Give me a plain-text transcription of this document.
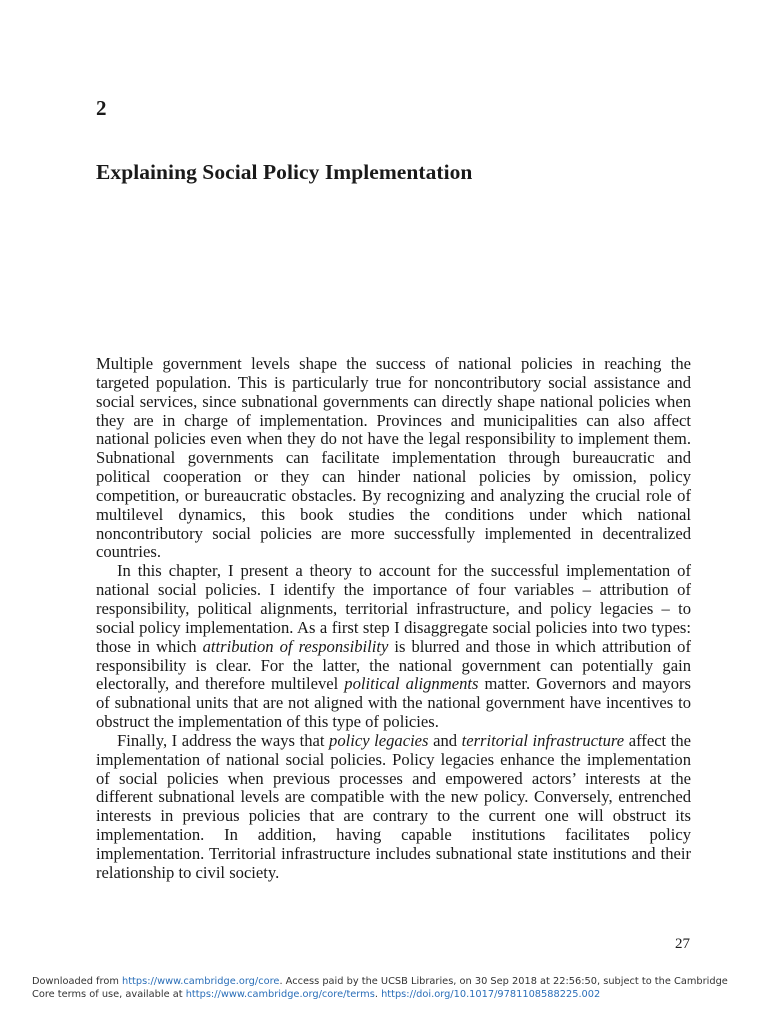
2
Explaining Social Policy Implementation

Multiple government levels shape the success of national policies in reaching the targeted population. This is particularly true for noncontributory social assistance and social services, since subnational governments can directly shape national policies when they are in charge of implementation. Provinces and municipalities can also affect national policies even when they do not have the legal responsibility to implement them. Subnational governments can facilitate implementation through bureaucratic and political cooperation or they can hinder national policies by omission, policy competition, or bureaucratic obstacles. By recognizing and analyzing the crucial role of multilevel dynamics, this book studies the conditions under which national noncontributory social policies are more successfully implemented in decentralized countries.

In this chapter, I present a theory to account for the successful implementation of national social policies. I identify the importance of four variables – attribution of responsibility, political alignments, territorial infrastructure, and policy legacies – to social policy implementation. As a first step I disaggregate social policies into two types: those in which attribution of responsibility is blurred and those in which attribution of responsibility is clear. For the latter, the national government can potentially gain electorally, and therefore multilevel political alignments matter. Governors and mayors of subnational units that are not aligned with the national government have incentives to obstruct the implementation of this type of policies.

Finally, I address the ways that policy legacies and territorial infrastructure affect the implementation of national social policies. Policy legacies enhance the implementation of social policies when previous processes and empowered actors’ interests at the different subnational levels are compatible with the new policy. Conversely, entrenched interests in previous policies that are contrary to the current one will obstruct its implementation. In addition, having capable institutions facilitates policy implementation. Territorial infrastructure includes subnational state institutions and their relationship to civil society.

27
Downloaded from https://www.cambridge.org/core. Access paid by the UCSB Libraries, on 30 Sep 2018 at 22:56:50, subject to the Cambridge Core terms of use, available at https://www.cambridge.org/core/terms. https://doi.org/10.1017/9781108588225.002
